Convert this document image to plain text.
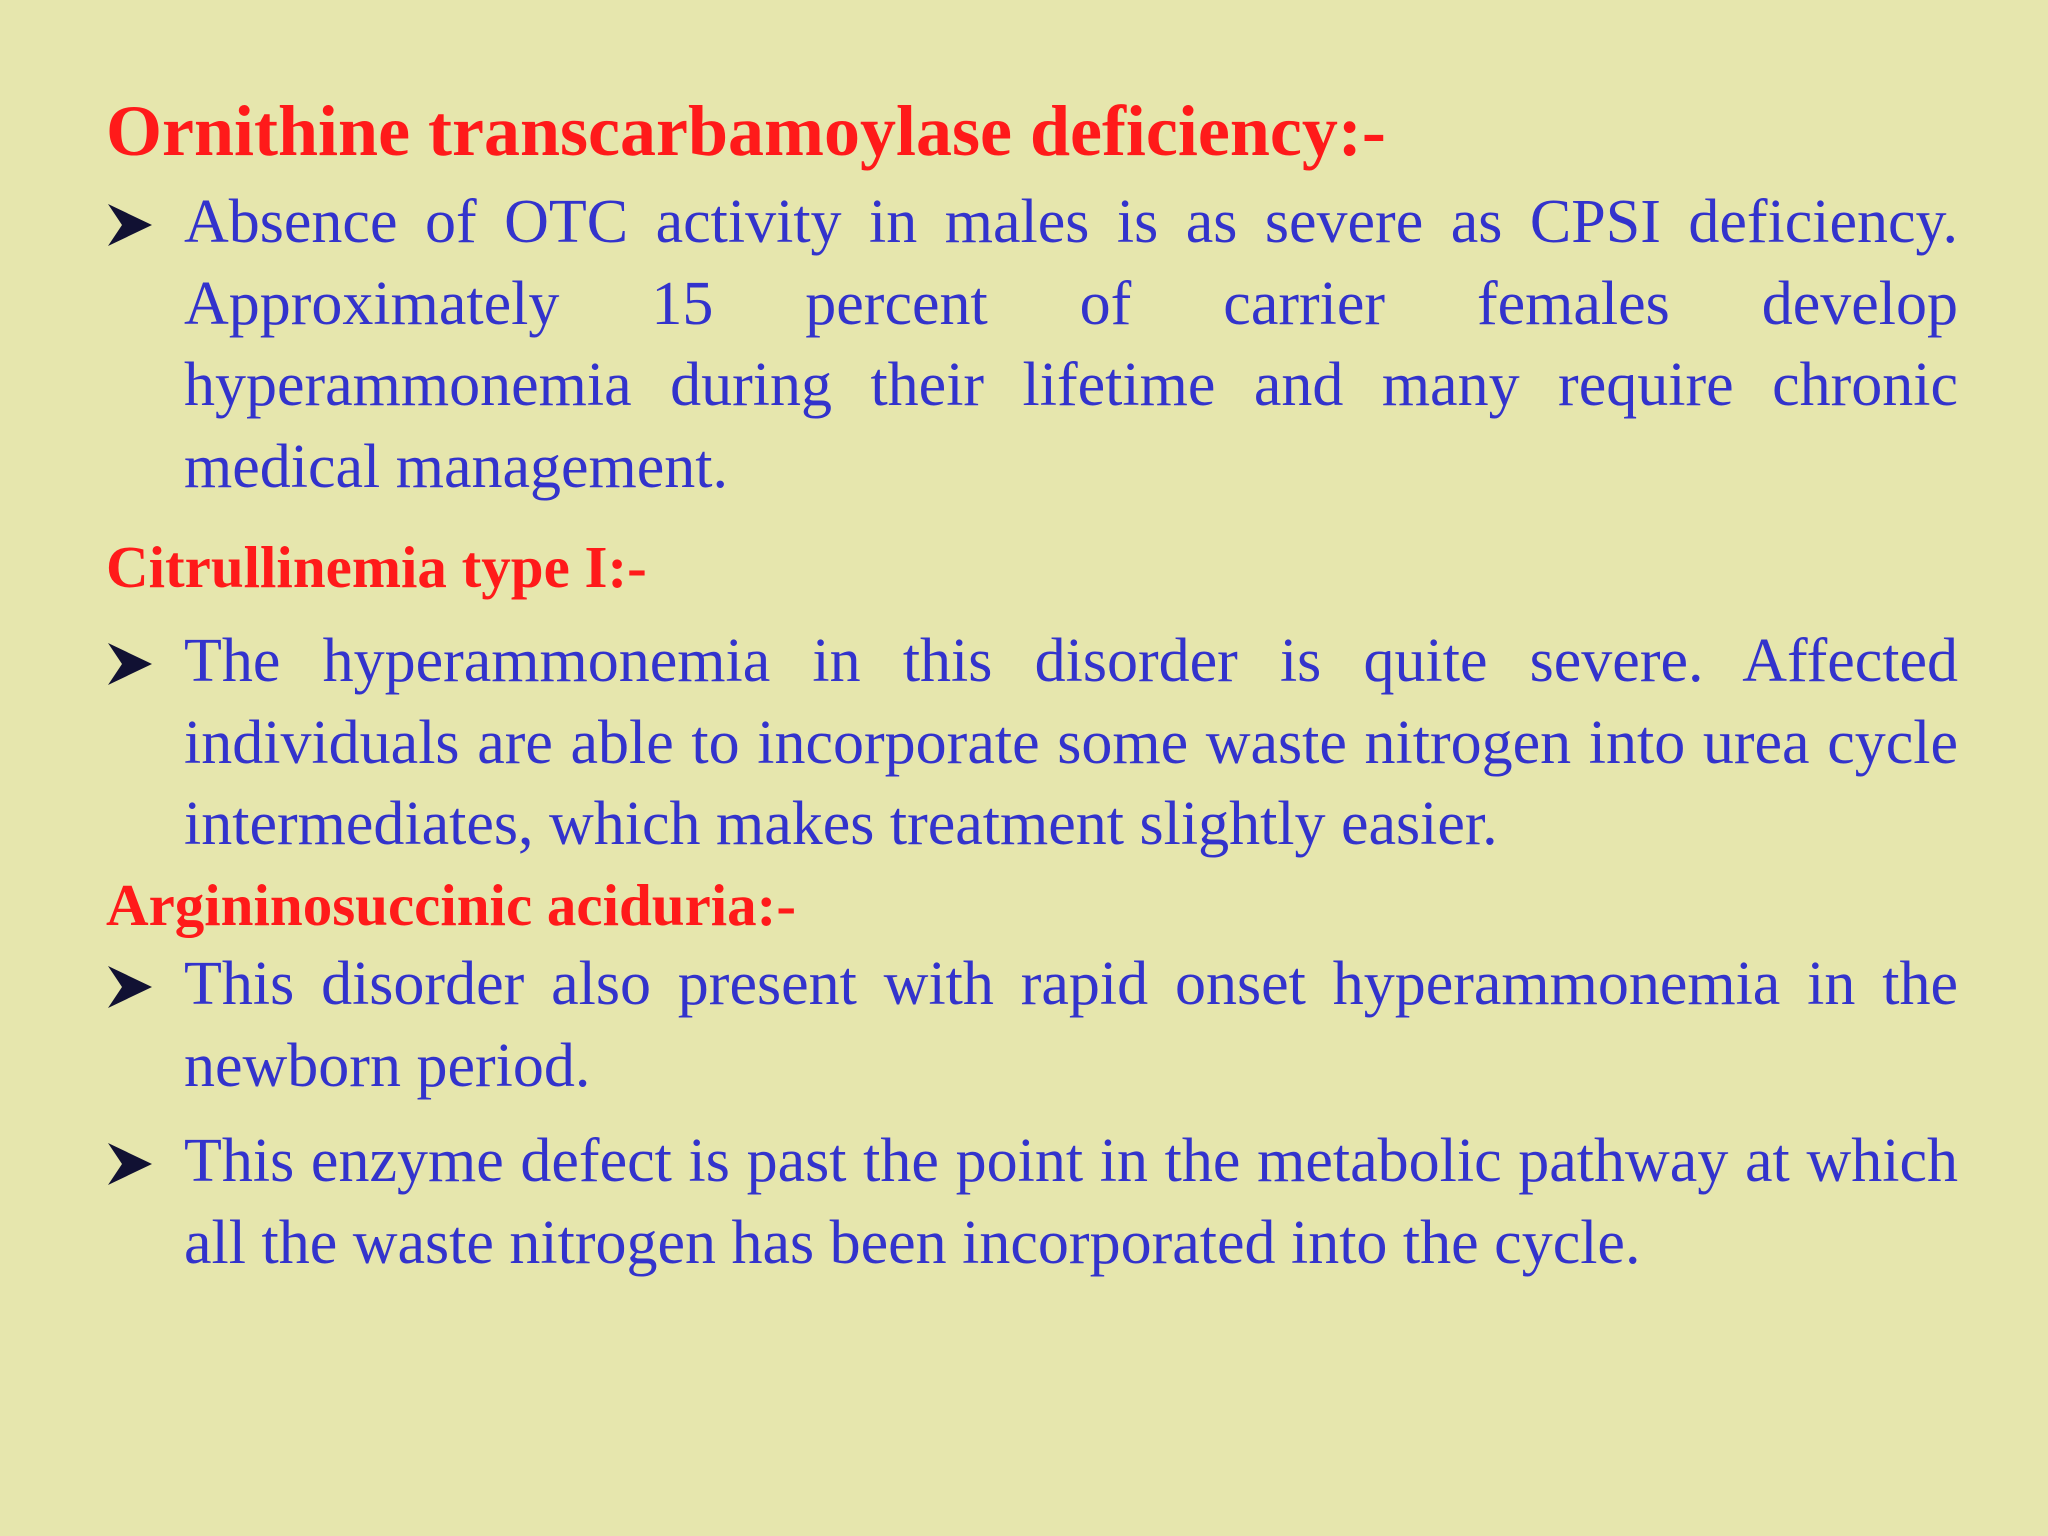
Ornithine transcarbamoylase deficiency:-

Absence of OTC activity in males is as severe as CPSI deficiency. Approximately 15 percent of carrier females develop hyperammonemia during their lifetime and many require chronic medical management.

Citrullinemia type I:-

The hyperammonemia in this disorder is quite severe. Affected individuals are able to incorporate some waste nitrogen into urea cycle intermediates, which makes treatment slightly easier.

Argininosuccinic aciduria:-

This disorder also present with rapid onset hyperammonemia in the newborn period.

This enzyme defect is past the point in the metabolic pathway at which all the waste nitrogen has been incorporated into the cycle.
